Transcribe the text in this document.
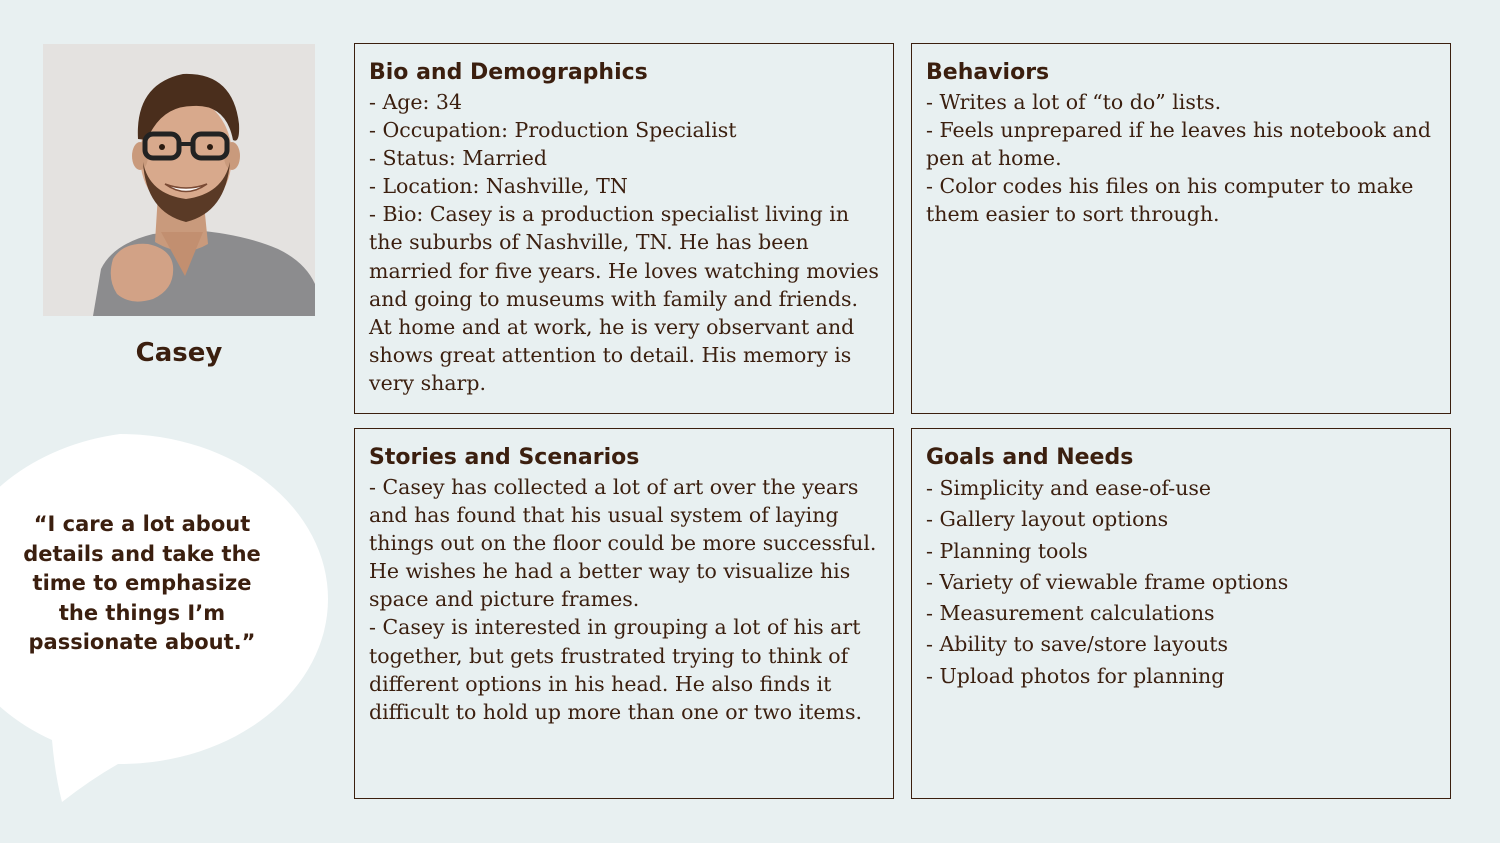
Casey
“I care a lot about details and take the time to emphasize the things I’m passionate about.”
Bio and Demographics

- Age: 34

- Occupation: Production Specialist

- Status: Married

- Location: Nashville, TN

- Bio: Casey is a production specialist living in the suburbs of Nashville, TN. He has been married for five years. He loves watching movies and going to museums with family and friends. At home and at work, he is very observant and shows great attention to detail. His memory is very sharp.

Behaviors

- Writes a lot of “to do” lists.

- Feels unprepared if he leaves his notebook and pen at home.

- Color codes his files on his computer to make them easier to sort through.

Stories and Scenarios

- Casey has collected a lot of art over the years and has found that his usual system of laying things out on the floor could be more successful. He wishes he had a better way to visualize his space and picture frames.

- Casey is interested in grouping a lot of his art together, but gets frustrated trying to think of different options in his head. He also finds it difficult to hold up more than one or two items.

Goals and Needs

- Simplicity and ease-of-use

- Gallery layout options

- Planning tools

- Variety of viewable frame options

- Measurement calculations

- Ability to save/store layouts

- Upload photos for planning
